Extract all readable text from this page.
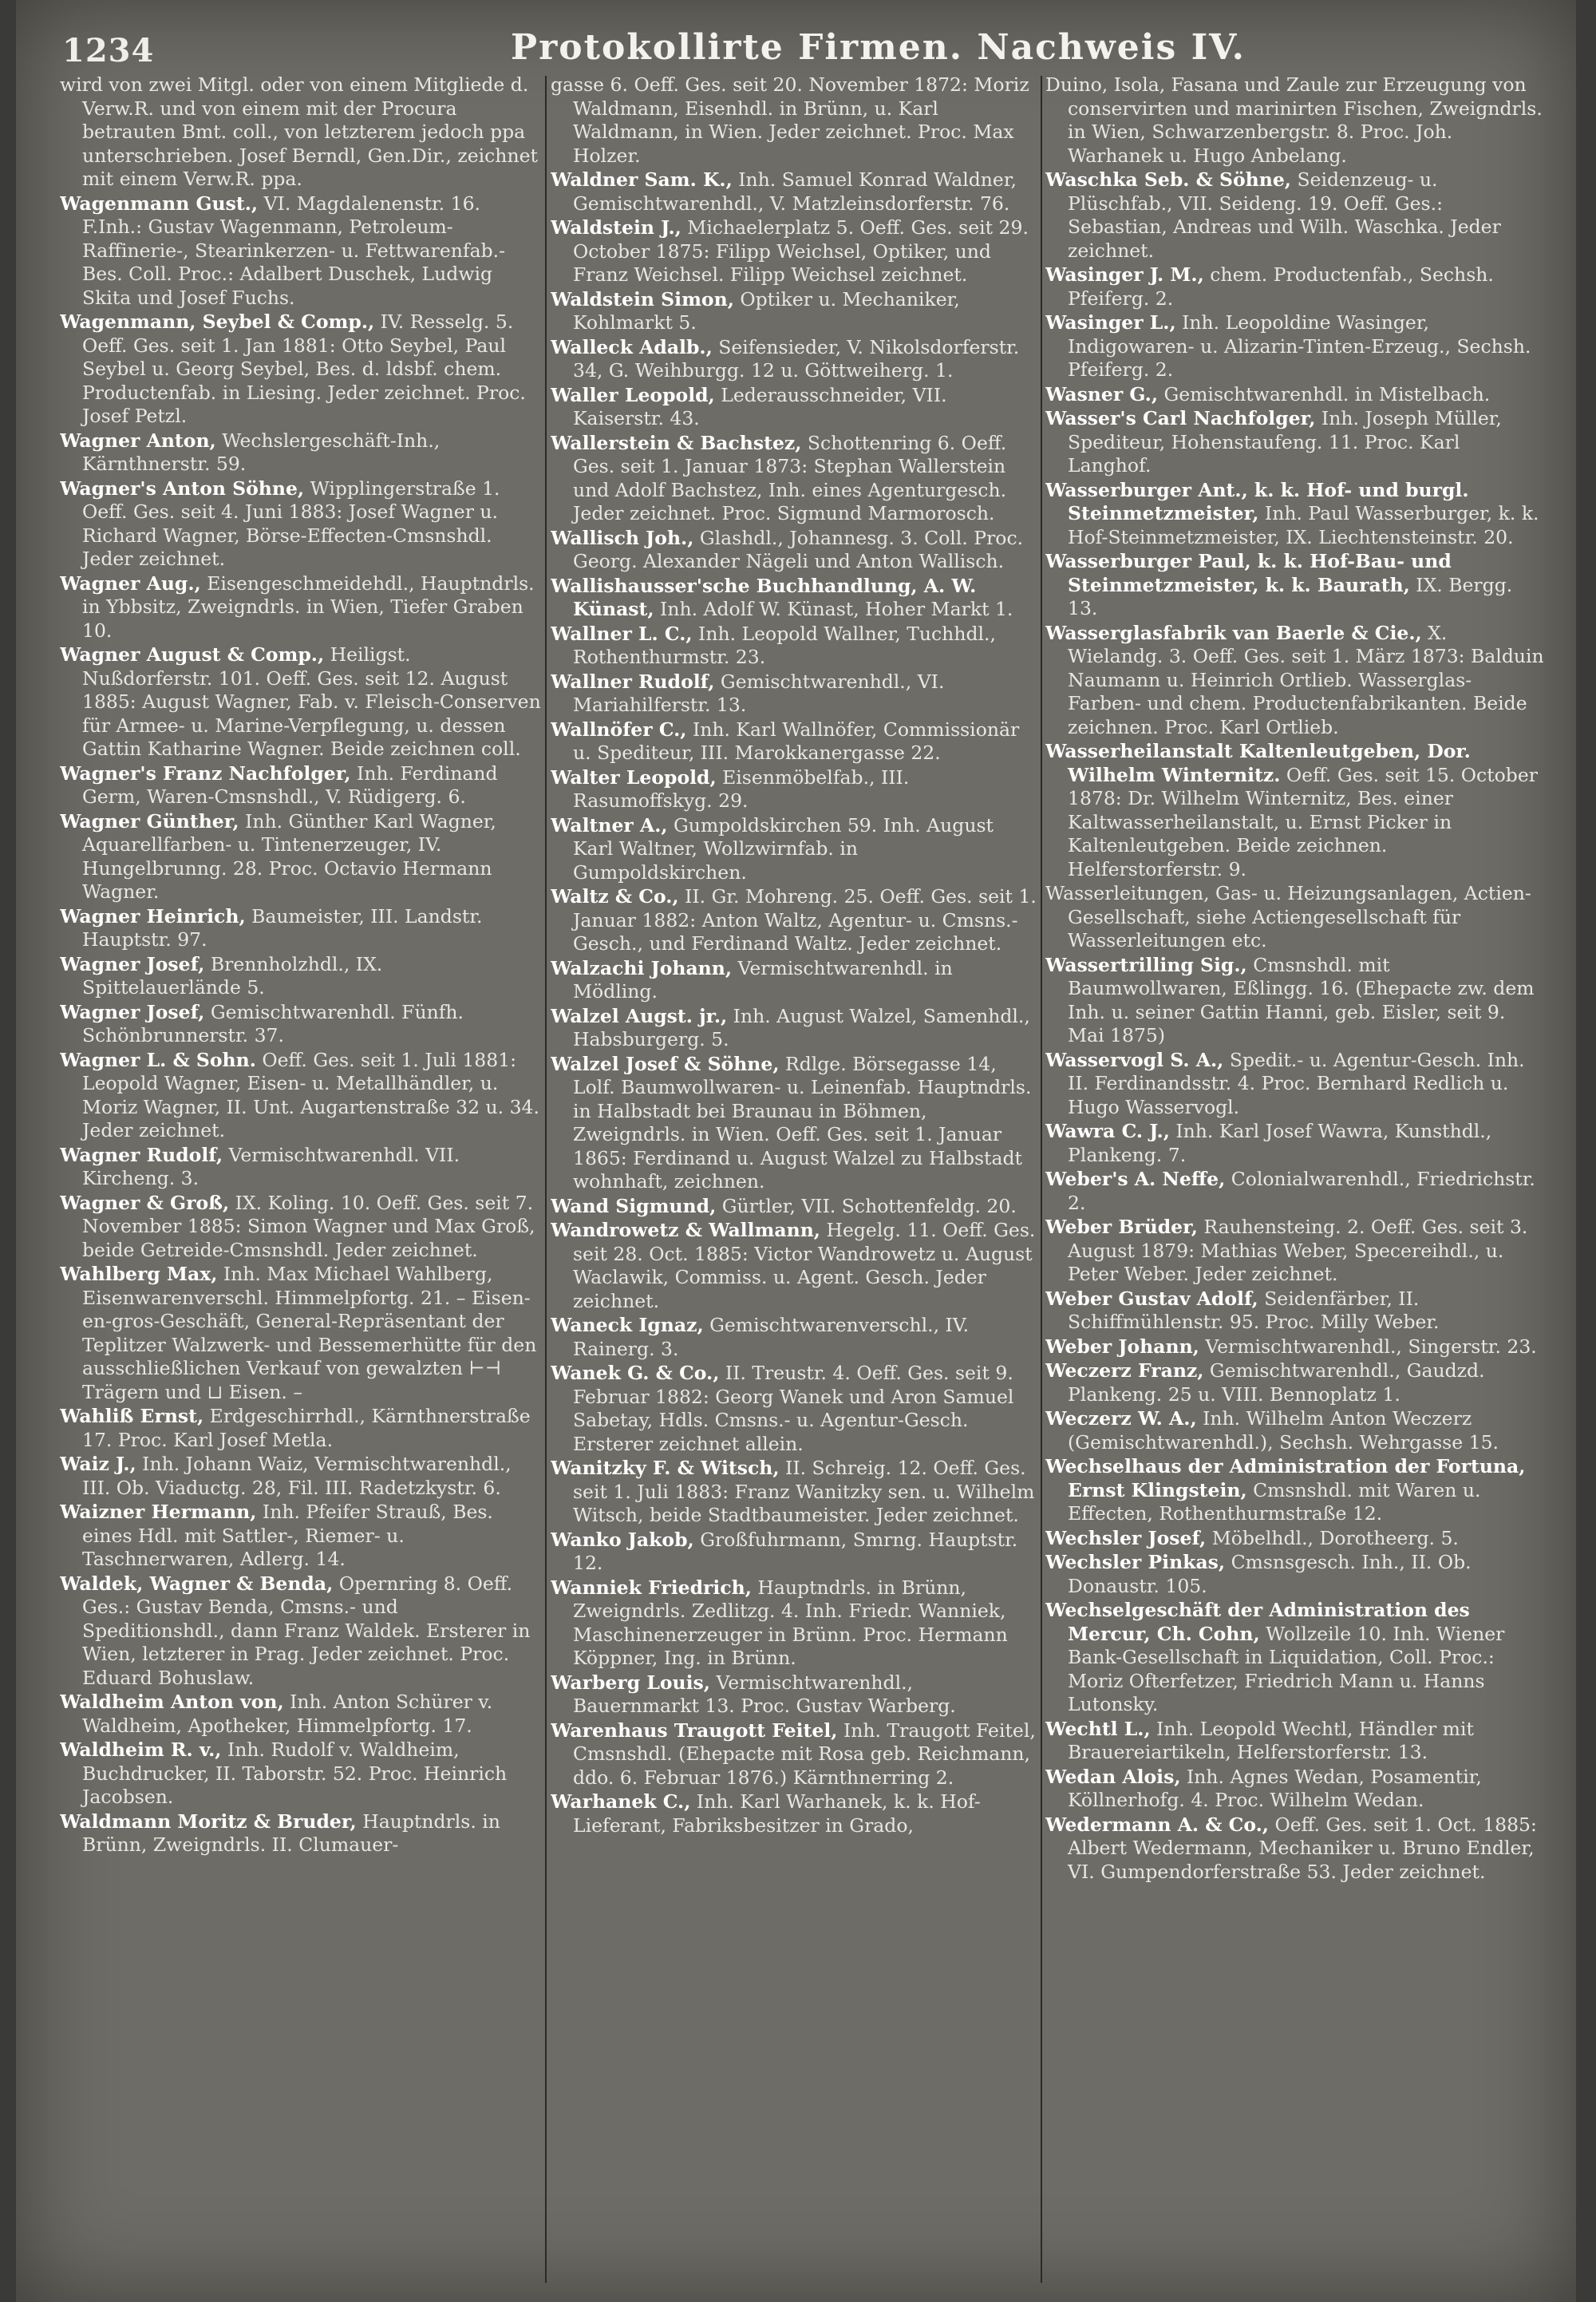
1234	Protokollirte Firmen. Nachweis IV.

wird von zwei Mitgl. oder von einem Mitgliede d. Verw.R. und von einem mit der Procura betrauten Bmt. coll., von letzterem jedoch ppa unterschrieben. Josef Berndl, Gen.Dir., zeichnet mit einem Verw.R. ppa.

Wagenmann Gust., VI. Magdalenenstr. 16. F.Inh.: Gustav Wagenmann, Petroleum-Raffinerie-, Stearinkerzen- u. Fettwarenfab.-Bes. Coll. Proc.: Adalbert Duschek, Ludwig Skita und Josef Fuchs.

Wagenmann, Seybel & Comp., IV. Resselg. 5. Oeff. Ges. seit 1. Jan 1881: Otto Seybel, Paul Seybel u. Georg Seybel, Bes. d. ldsbf. chem. Productenfab. in Liesing. Jeder zeichnet. Proc. Josef Petzl.

Wagner Anton, Wechslergeschäft-Inh., Kärnthnerstr. 59.

Wagner's Anton Söhne, Wipplingerstraße 1. Oeff. Ges. seit 4. Juni 1883: Josef Wagner u. Richard Wagner, Börse-Effecten-Cmsnshdl. Jeder zeichnet.

Wagner Aug., Eisengeschmeidehdl., Hauptndrls. in Ybbsitz, Zweigndrls. in Wien, Tiefer Graben 10.

Wagner August & Comp., Heiligst. Nußdorferstr. 101. Oeff. Ges. seit 12. August 1885: August Wagner, Fab. v. Fleisch-Conserven für Armee- u. Marine-Verpflegung, u. dessen Gattin Katharine Wagner. Beide zeichnen coll.

Wagner's Franz Nachfolger, Inh. Ferdinand Germ, Waren-Cmsnshdl., V. Rüdigerg. 6.

Wagner Günther, Inh. Günther Karl Wagner, Aquarellfarben- u. Tintenerzeuger, IV. Hungelbrunng. 28. Proc. Octavio Hermann Wagner.

Wagner Heinrich, Baumeister, III. Landstr. Hauptstr. 97.

Wagner Josef, Brennholzhdl., IX. Spittelauerlände 5.

Wagner Josef, Gemischtwarenhdl. Fünfh. Schönbrunnerstr. 37.

Wagner L. & Sohn. Oeff. Ges. seit 1. Juli 1881: Leopold Wagner, Eisen- u. Metallhändler, u. Moriz Wagner, II. Unt. Augartenstraße 32 u. 34. Jeder zeichnet.

Wagner Rudolf, Vermischtwarenhdl. VII. Kircheng. 3.

Wagner & Groß, IX. Koling. 10. Oeff. Ges. seit 7. November 1885: Simon Wagner und Max Groß, beide Getreide-Cmsnshdl. Jeder zeichnet.

Wahlberg Max, Inh. Max Michael Wahlberg, Eisenwarenverschl. Himmelpfortg. 21. – Eisen-en-gros-Geschäft, General-Repräsentant der Teplitzer Walzwerk- und Bessemerhütte für den ausschließlichen Verkauf von gewalzten ⊢⊣ Trägern und ⊔ Eisen. –

Wahliß Ernst, Erdgeschirrhdl., Kärnthnerstraße 17. Proc. Karl Josef Metla.

Waiz J., Inh. Johann Waiz, Vermischtwarenhdl., III. Ob. Viaductg. 28, Fil. III. Radetzkystr. 6.

Waizner Hermann, Inh. Pfeifer Strauß, Bes. eines Hdl. mit Sattler-, Riemer- u. Taschnerwaren, Adlerg. 14.

Waldek, Wagner & Benda, Opernring 8. Oeff. Ges.: Gustav Benda, Cmsns.- und Speditionshdl., dann Franz Waldek. Ersterer in Wien, letzterer in Prag. Jeder zeichnet. Proc. Eduard Bohuslaw.

Waldheim Anton von, Inh. Anton Schürer v. Waldheim, Apotheker, Himmelpfortg. 17.

Waldheim R. v., Inh. Rudolf v. Waldheim, Buchdrucker, II. Taborstr. 52. Proc. Heinrich Jacobsen.

Waldmann Moritz & Bruder, Hauptndrls. in Brünn, Zweigndrls. II. Clumauer-

gasse 6. Oeff. Ges. seit 20. November 1872: Moriz Waldmann, Eisenhdl. in Brünn, u. Karl Waldmann, in Wien. Jeder zeichnet. Proc. Max Holzer.

Waldner Sam. K., Inh. Samuel Konrad Waldner, Gemischtwarenhdl., V. Matzleinsdorferstr. 76.

Waldstein J., Michaelerplatz 5. Oeff. Ges. seit 29. October 1875: Filipp Weichsel, Optiker, und Franz Weichsel. Filipp Weichsel zeichnet.

Waldstein Simon, Optiker u. Mechaniker, Kohlmarkt 5.

Walleck Adalb., Seifensieder, V. Nikolsdorferstr. 34, G. Weihburgg. 12 u. Göttweiherg. 1.

Waller Leopold, Lederausschneider, VII. Kaiserstr. 43.

Wallerstein & Bachstez, Schottenring 6. Oeff. Ges. seit 1. Januar 1873: Stephan Wallerstein und Adolf Bachstez, Inh. eines Agenturgesch. Jeder zeichnet. Proc. Sigmund Marmorosch.

Wallisch Joh., Glashdl., Johannesg. 3. Coll. Proc. Georg. Alexander Nägeli und Anton Wallisch.

Wallishausser'sche Buchhandlung, A. W. Künast, Inh. Adolf W. Künast, Hoher Markt 1.

Wallner L. C., Inh. Leopold Wallner, Tuchhdl., Rothenthurmstr. 23.

Wallner Rudolf, Gemischtwarenhdl., VI. Mariahilferstr. 13.

Wallnöfer C., Inh. Karl Wallnöfer, Commissionär u. Spediteur, III. Marokkanergasse 22.

Walter Leopold, Eisenmöbelfab., III. Rasumoffskyg. 29.

Waltner A., Gumpoldskirchen 59. Inh. August Karl Waltner, Wollzwirnfab. in Gumpoldskirchen.

Waltz & Co., II. Gr. Mohreng. 25. Oeff. Ges. seit 1. Januar 1882: Anton Waltz, Agentur- u. Cmsns.-Gesch., und Ferdinand Waltz. Jeder zeichnet.

Walzachi Johann, Vermischtwarenhdl. in Mödling.

Walzel Augst. jr., Inh. August Walzel, Samenhdl., Habsburgerg. 5.

Walzel Josef & Söhne, Rdlge. Börsegasse 14, Lolf. Baumwollwaren- u. Leinenfab. Hauptndrls. in Halbstadt bei Braunau in Böhmen, Zweigndrls. in Wien. Oeff. Ges. seit 1. Januar 1865: Ferdinand u. August Walzel zu Halbstadt wohnhaft, zeichnen.

Wand Sigmund, Gürtler, VII. Schottenfeldg. 20.

Wandrowetz & Wallmann, Hegelg. 11. Oeff. Ges. seit 28. Oct. 1885: Victor Wandrowetz u. August Waclawik, Commiss. u. Agent. Gesch. Jeder zeichnet.

Waneck Ignaz, Gemischtwarenverschl., IV. Rainerg. 3.

Wanek G. & Co., II. Treustr. 4. Oeff. Ges. seit 9. Februar 1882: Georg Wanek und Aron Samuel Sabetay, Hdls. Cmsns.- u. Agentur-Gesch. Ersterer zeichnet allein.

Wanitzky F. & Witsch, II. Schreig. 12. Oeff. Ges. seit 1. Juli 1883: Franz Wanitzky sen. u. Wilhelm Witsch, beide Stadtbaumeister. Jeder zeichnet.

Wanko Jakob, Großfuhrmann, Smrng. Hauptstr. 12.

Wanniek Friedrich, Hauptndrls. in Brünn, Zweigndrls. Zedlitzg. 4. Inh. Friedr. Wanniek, Maschinenerzeuger in Brünn. Proc. Hermann Köppner, Ing. in Brünn.

Warberg Louis, Vermischtwarenhdl., Bauernmarkt 13. Proc. Gustav Warberg.

Warenhaus Traugott Feitel, Inh. Traugott Feitel, Cmsnshdl. (Ehepacte mit Rosa geb. Reichmann, ddo. 6. Februar 1876.) Kärnthnerring 2.

Warhanek C., Inh. Karl Warhanek, k. k. Hof-Lieferant, Fabriksbesitzer in Grado,

Duino, Isola, Fasana und Zaule zur Erzeugung von conservirten und marinirten Fischen, Zweigndrls. in Wien, Schwarzenbergstr. 8. Proc. Joh. Warhanek u. Hugo Anbelang.

Waschka Seb. & Söhne, Seidenzeug- u. Plüschfab., VII. Seideng. 19. Oeff. Ges.: Sebastian, Andreas und Wilh. Waschka. Jeder zeichnet.

Wasinger J. M., chem. Productenfab., Sechsh. Pfeiferg. 2.

Wasinger L., Inh. Leopoldine Wasinger, Indigowaren- u. Alizarin-Tinten-Erzeug., Sechsh. Pfeiferg. 2.

Wasner G., Gemischtwarenhdl. in Mistelbach.

Wasser's Carl Nachfolger, Inh. Joseph Müller, Spediteur, Hohenstaufeng. 11. Proc. Karl Langhof.

Wasserburger Ant., k. k. Hof- und burgl. Steinmetzmeister, Inh. Paul Wasserburger, k. k. Hof-Steinmetzmeister, IX. Liechtensteinstr. 20.

Wasserburger Paul, k. k. Hof-Bau- und Steinmetzmeister, k. k. Baurath, IX. Bergg. 13.

Wasserglasfabrik van Baerle & Cie., X. Wielandg. 3. Oeff. Ges. seit 1. März 1873: Balduin Naumann u. Heinrich Ortlieb. Wasserglas-Farben- und chem. Productenfabrikanten. Beide zeichnen. Proc. Karl Ortlieb.

Wasserheilanstalt Kaltenleutgeben, Dor. Wilhelm Winternitz. Oeff. Ges. seit 15. October 1878: Dr. Wilhelm Winternitz, Bes. einer Kaltwasserheilanstalt, u. Ernst Picker in Kaltenleutgeben. Beide zeichnen. Helferstorferstr. 9.

Wasserleitungen, Gas- u. Heizungsanlagen, Actien-Gesellschaft, siehe Actiengesellschaft für Wasserleitungen etc.

Wassertrilling Sig., Cmsnshdl. mit Baumwollwaren, Eßlingg. 16. (Ehepacte zw. dem Inh. u. seiner Gattin Hanni, geb. Eisler, seit 9. Mai 1875)

Wasservogl S. A., Spedit.- u. Agentur-Gesch. Inh. II. Ferdinandsstr. 4. Proc. Bernhard Redlich u. Hugo Wasservogl.

Wawra C. J., Inh. Karl Josef Wawra, Kunsthdl., Plankeng. 7.

Weber's A. Neffe, Colonialwarenhdl., Friedrichstr. 2.

Weber Brüder, Rauhensteing. 2. Oeff. Ges. seit 3. August 1879: Mathias Weber, Specereihdl., u. Peter Weber. Jeder zeichnet.

Weber Gustav Adolf, Seidenfärber, II. Schiffmühlenstr. 95. Proc. Milly Weber.

Weber Johann, Vermischtwarenhdl., Singerstr. 23.

Weczerz Franz, Gemischtwarenhdl., Gaudzd. Plankeng. 25 u. VIII. Bennoplatz 1.

Weczerz W. A., Inh. Wilhelm Anton Weczerz (Gemischtwarenhdl.), Sechsh. Wehrgasse 15.

Wechselhaus der Administration der Fortuna, Ernst Klingstein, Cmsnshdl. mit Waren u. Effecten, Rothenthurmstraße 12.

Wechsler Josef, Möbelhdl., Dorotheerg. 5.

Wechsler Pinkas, Cmsnsgesch. Inh., II. Ob. Donaustr. 105.

Wechselgeschäft der Administration des Mercur, Ch. Cohn, Wollzeile 10. Inh. Wiener Bank-Gesellschaft in Liquidation, Coll. Proc.: Moriz Ofterfetzer, Friedrich Mann u. Hanns Lutonsky.

Wechtl L., Inh. Leopold Wechtl, Händler mit Brauereiartikeln, Helferstorferstr. 13.

Wedan Alois, Inh. Agnes Wedan, Posamentir, Köllnerhofg. 4. Proc. Wilhelm Wedan.

Wedermann A. & Co., Oeff. Ges. seit 1. Oct. 1885: Albert Wedermann, Mechaniker u. Bruno Endler, VI. Gumpendorferstraße 53. Jeder zeichnet.
